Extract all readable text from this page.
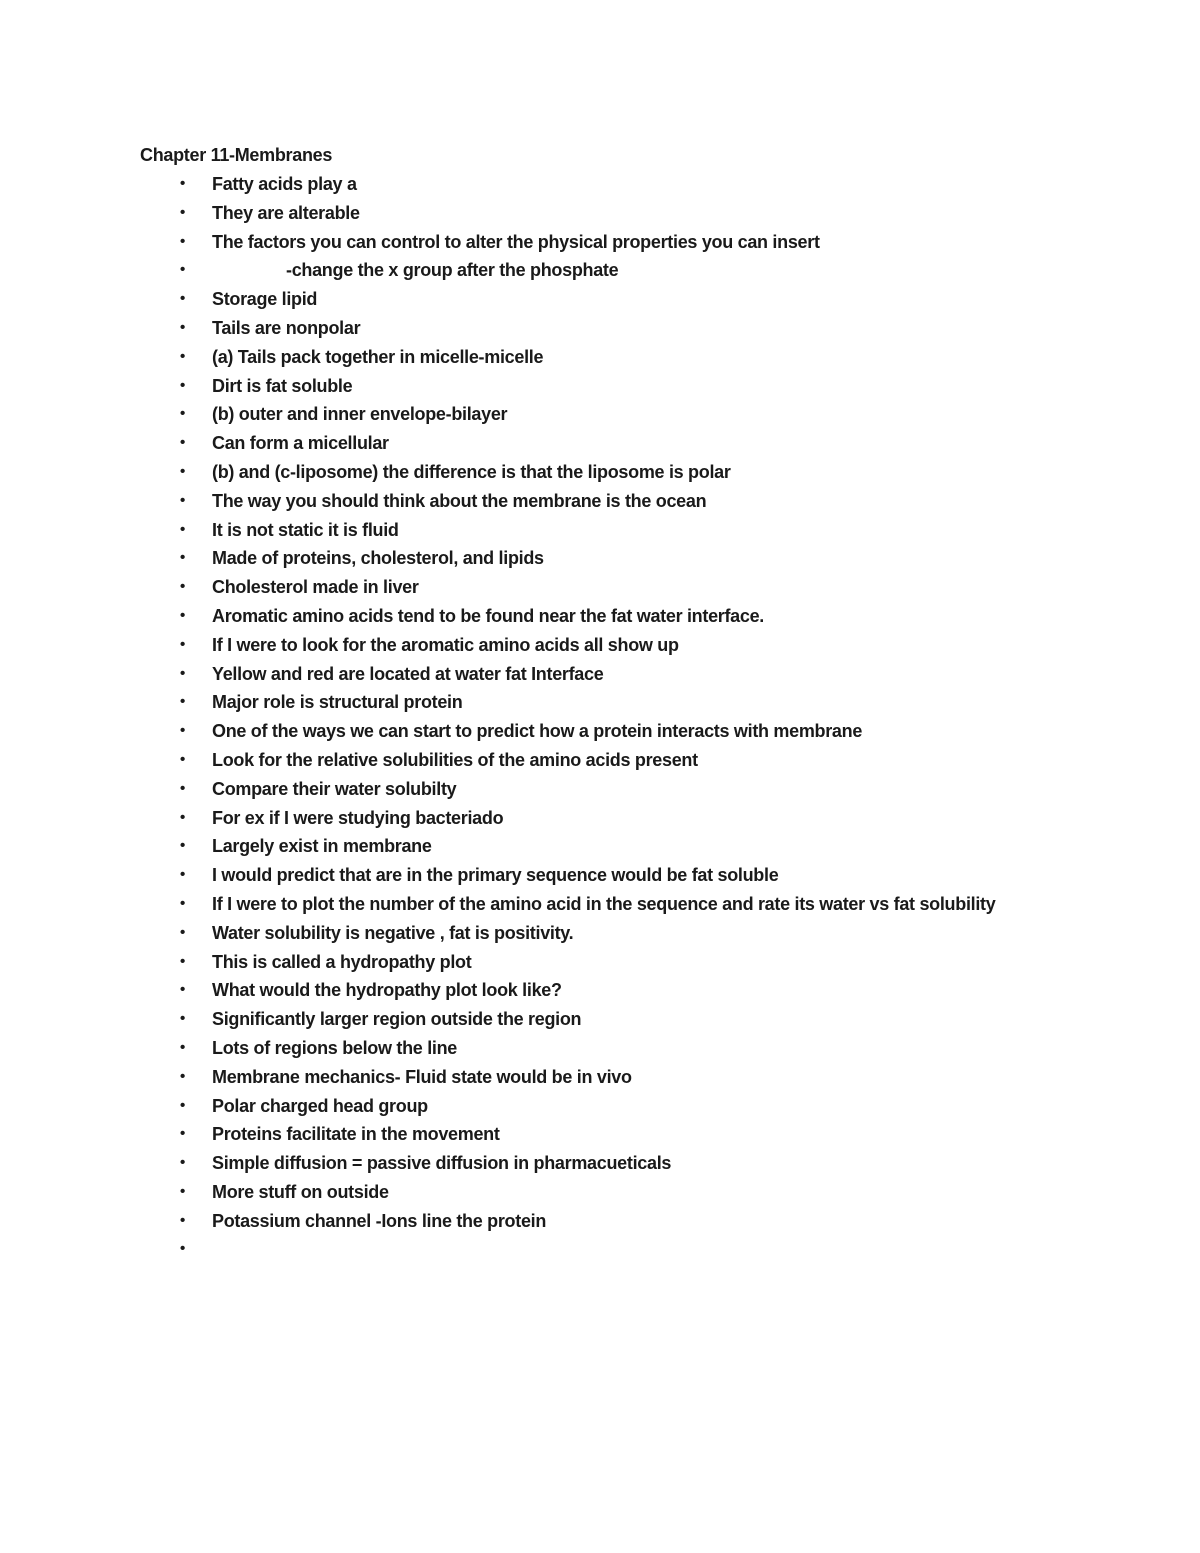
Chapter 11-Membranes
•	Fatty acids play a
•	They are alterable
•	The factors you can control to alter the physical properties you can insert
•	-change the x group after the phosphate
•	Storage lipid
•	Tails are nonpolar
•	(a) Tails pack together in micelle-micelle
•	Dirt is fat soluble
•	(b) outer and inner envelope-bilayer
•	Can form a micellular
•	(b) and (c-liposome) the difference is that the liposome is polar
•	The way you should think about the membrane is the ocean
•	It is not static it is fluid
•	Made of proteins, cholesterol, and lipids
•	Cholesterol made in liver
•	Aromatic amino acids tend to be found near the fat water interface.
•	If I were to look for the aromatic amino acids all show up
•	Yellow and red are located at water fat Interface
•	Major role is structural protein
•	One of the ways we can start to predict how a protein interacts with membrane
•	Look for the relative solubilities of the amino acids present
•	Compare their water solubilty
•	For ex if I were studying bacteriado
•	Largely exist in membrane
•	I would predict that are in the primary sequence would be fat soluble
•	If I were to plot the number of the amino acid in the sequence and rate its water vs fat solubility
•	Water solubility is negative , fat is positivity.
•	This is called a hydropathy plot
•	What would the hydropathy plot look like?
•	Significantly larger region outside the region
•	Lots of regions below the line
•	Membrane mechanics- Fluid state would be in vivo
•	Polar charged head group
•	Proteins facilitate in the movement
•	Simple diffusion = passive diffusion in pharmacueticals
•	More stuff on outside
•	Potassium channel -Ions line the protein
•
